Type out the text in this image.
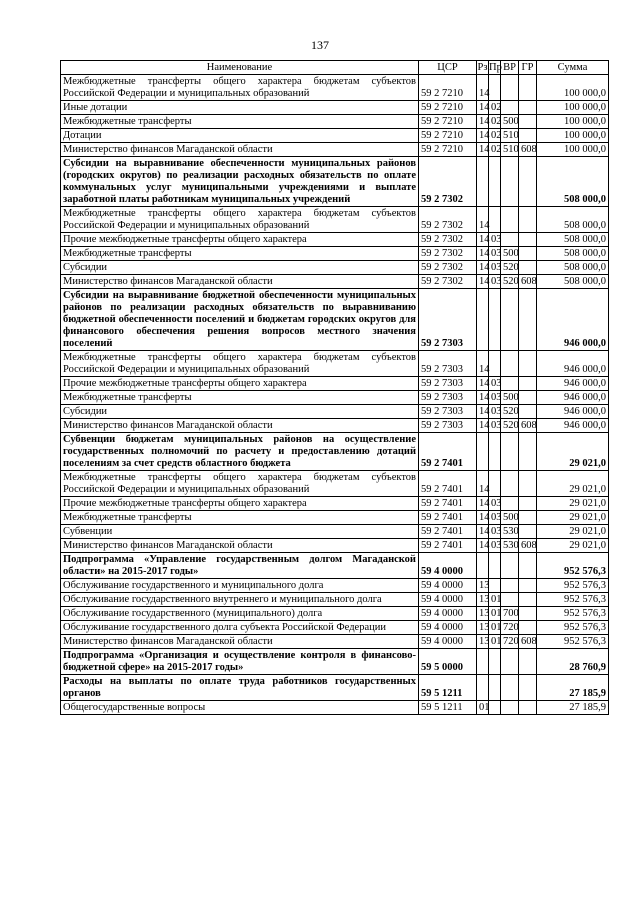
137
Наименование	ЦСР	Рз	Пр	ВР	ГР	Сумма
Межбюджетные трансферты общего характера бюджетам субъектов Российской Федерации и муниципальных образований	59 2 7210	14				100 000,0
Иные дотации	59 2 7210	14	02			100 000,0
Межбюджетные трансферты	59 2 7210	14	02	500		100 000,0
Дотации	59 2 7210	14	02	510		100 000,0
Министерство финансов Магаданской области	59 2 7210	14	02	510	608	100 000,0
Субсидии на выравнивание обеспеченности муниципальных районов (городских округов) по реализации расходных обязательств по оплате коммунальных услуг муниципальными учреждениями и выплате заработной платы работникам муниципальных учреждений	59 2 7302					508 000,0
Межбюджетные трансферты общего характера бюджетам субъектов Российской Федерации и муниципальных образований	59 2 7302	14				508 000,0
Прочие межбюджетные трансферты общего характера	59 2 7302	14	03			508 000,0
Межбюджетные трансферты	59 2 7302	14	03	500		508 000,0
Субсидии	59 2 7302	14	03	520		508 000,0
Министерство финансов Магаданской области	59 2 7302	14	03	520	608	508 000,0
Субсидии на выравнивание бюджетной обеспеченности муниципальных районов по реализации расходных обязательств по выравниванию бюджетной обеспеченности поселений и бюджетам городских округов для финансового обеспечения решения вопросов местного значения поселений	59 2 7303					946 000,0
Межбюджетные трансферты общего характера бюджетам субъектов Российской Федерации и муниципальных образований	59 2 7303	14				946 000,0
Прочие межбюджетные трансферты общего характера	59 2 7303	14	03			946 000,0
Межбюджетные трансферты	59 2 7303	14	03	500		946 000,0
Субсидии	59 2 7303	14	03	520		946 000,0
Министерство финансов Магаданской области	59 2 7303	14	03	520	608	946 000,0
Субвенции бюджетам муниципальных районов на осуществление государственных полномочий по расчету и предоставлению дотаций поселениям за счет средств областного бюджета	59 2 7401					29 021,0
Межбюджетные трансферты общего характера бюджетам субъектов Российской Федерации и муниципальных образований	59 2 7401	14				29 021,0
Прочие межбюджетные трансферты общего характера	59 2 7401	14	03			29 021,0
Межбюджетные трансферты	59 2 7401	14	03	500		29 021,0
Субвенции	59 2 7401	14	03	530		29 021,0
Министерство финансов Магаданской области	59 2 7401	14	03	530	608	29 021,0
Подпрограмма «Управление государственным долгом Магаданской области» на 2015-2017 годы»	59 4 0000					952 576,3
Обслуживание государственного и муниципального долга	59 4 0000	13				952 576,3
Обслуживание государственного внутреннего и муниципального долга	59 4 0000	13	01			952 576,3
Обслуживание государственного (муниципального) долга	59 4 0000	13	01	700		952 576,3
Обслуживание государственного долга субъекта Российской Федерации	59 4 0000	13	01	720		952 576,3
Министерство финансов Магаданской области	59 4 0000	13	01	720	608	952 576,3
Подпрограмма «Организация и осуществление контроля в финансово-бюджетной сфере» на 2015-2017 годы»	59 5 0000					28 760,9
Расходы на выплаты по оплате труда работников государственных органов	59 5 1211					27 185,9
Общегосударственные вопросы	59 5 1211	01				27 185,9
